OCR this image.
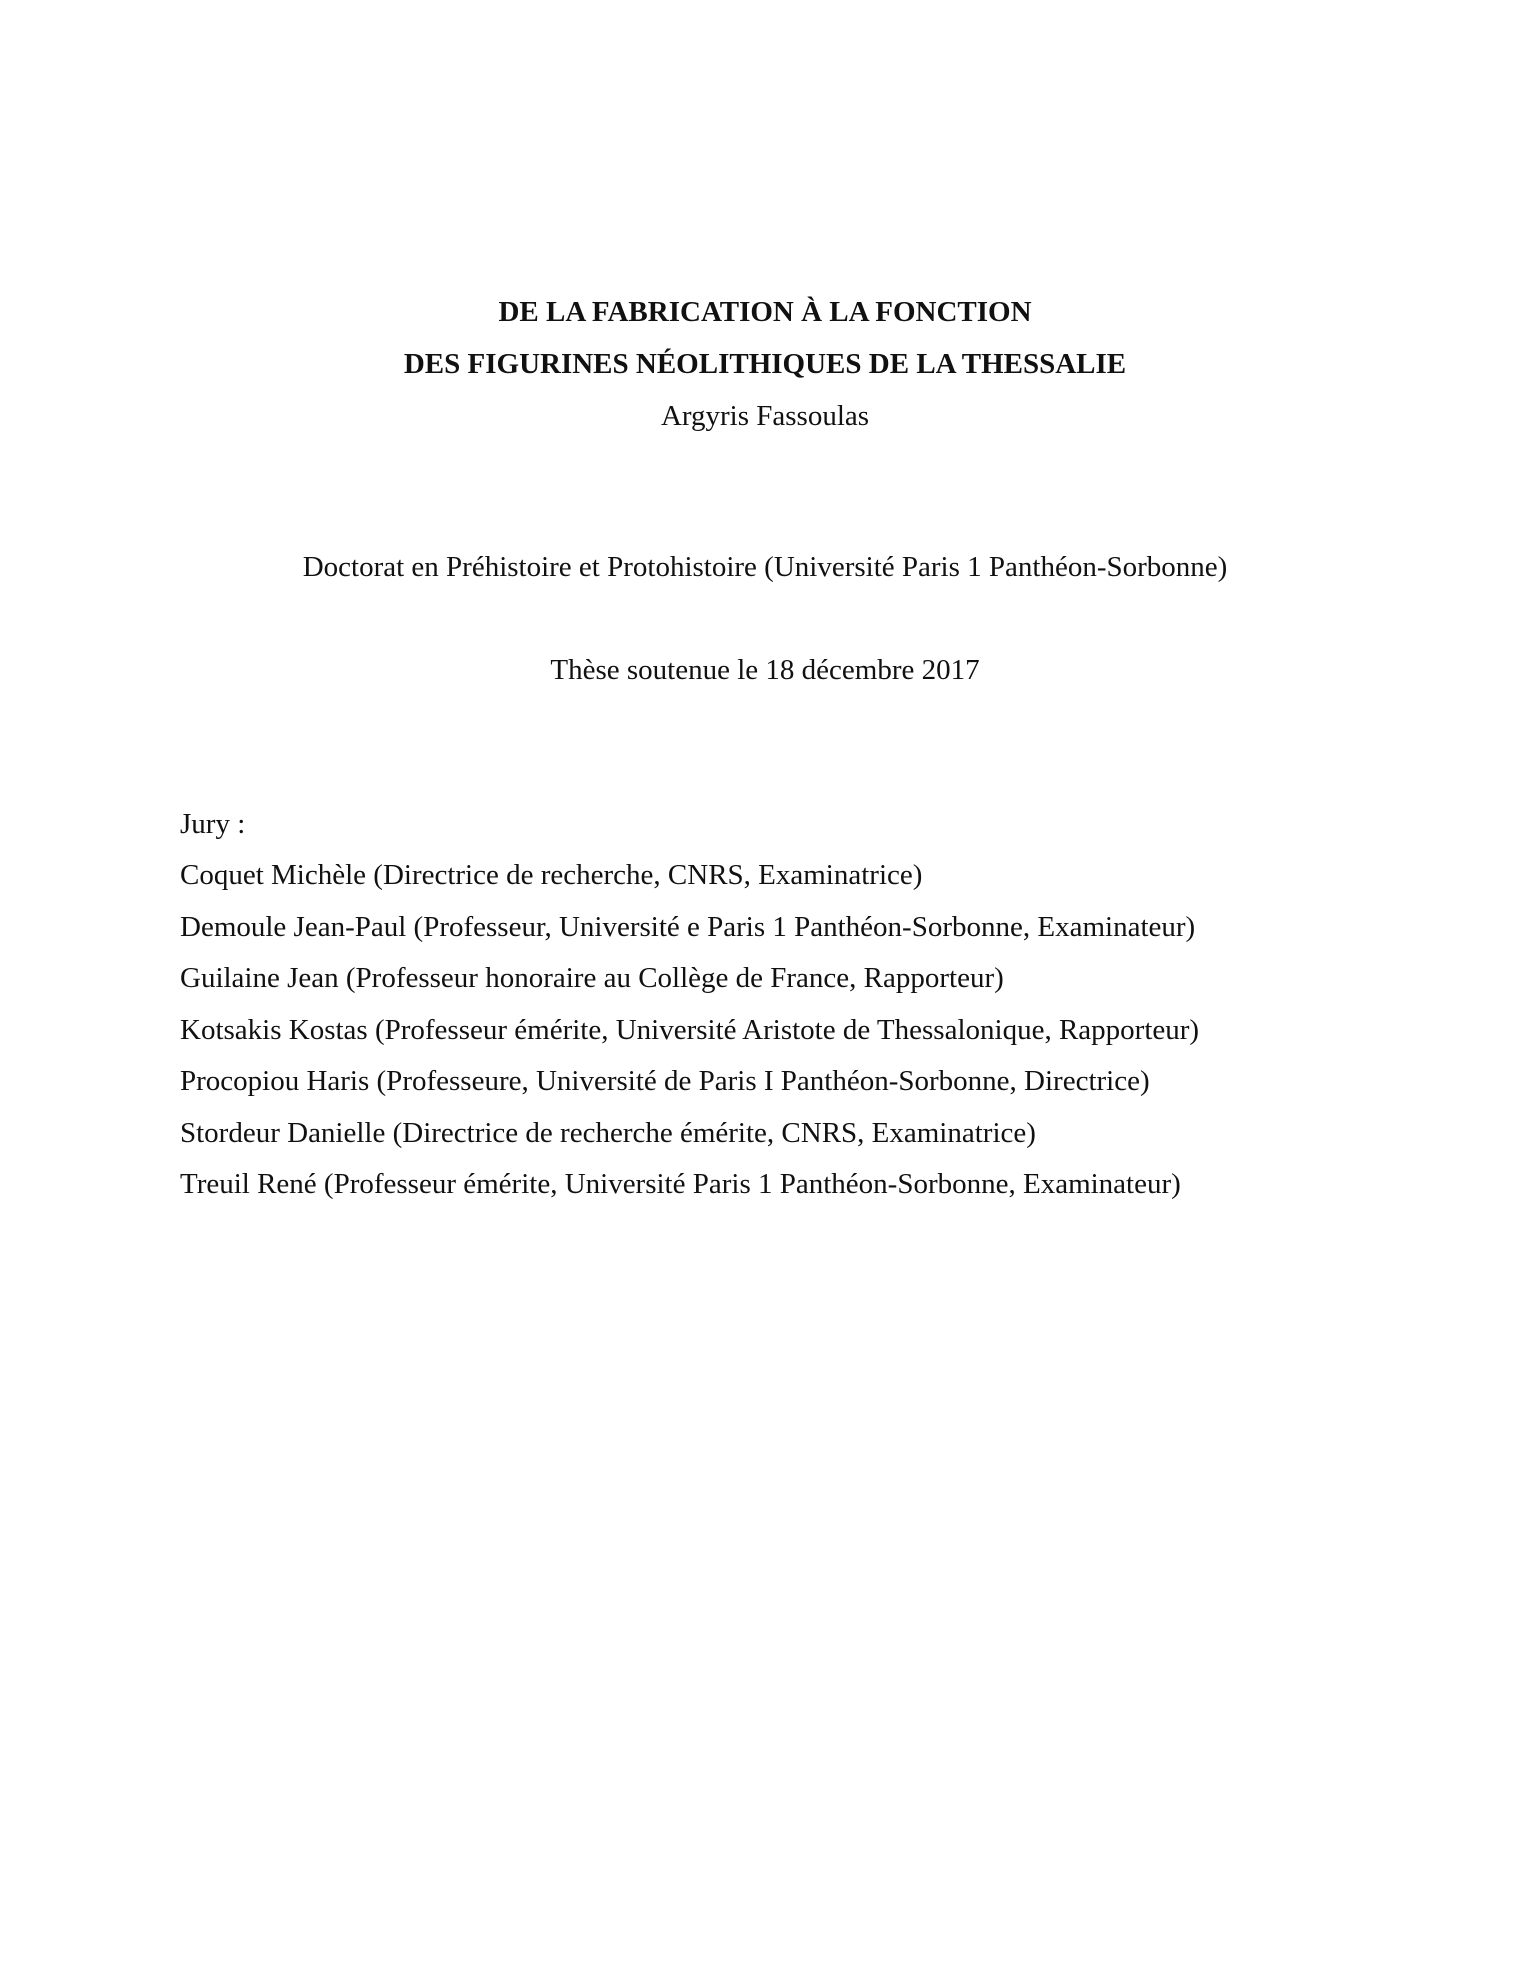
DE LA FABRICATION À LA FONCTION

DES FIGURINES NÉOLITHIQUES DE LA THESSALIE

Argyris Fassoulas

Doctorat en Préhistoire et Protohistoire (Université Paris 1 Panthéon-Sorbonne)

Thèse soutenue le 18 décembre 2017

Jury :

Coquet Michèle (Directrice de recherche, CNRS, Examinatrice)
Demoule Jean-Paul (Professeur, Université e Paris 1 Panthéon-Sorbonne, Examinateur)
Guilaine Jean (Professeur honoraire au Collège de France, Rapporteur)
Kotsakis Kostas (Professeur émérite, Université Aristote de Thessalonique, Rapporteur)
Procopiou Haris (Professeure, Université de Paris I Panthéon-Sorbonne, Directrice)
Stordeur Danielle (Directrice de recherche émérite, CNRS, Examinatrice)
Treuil René (Professeur émérite, Université Paris 1 Panthéon-Sorbonne, Examinateur)
